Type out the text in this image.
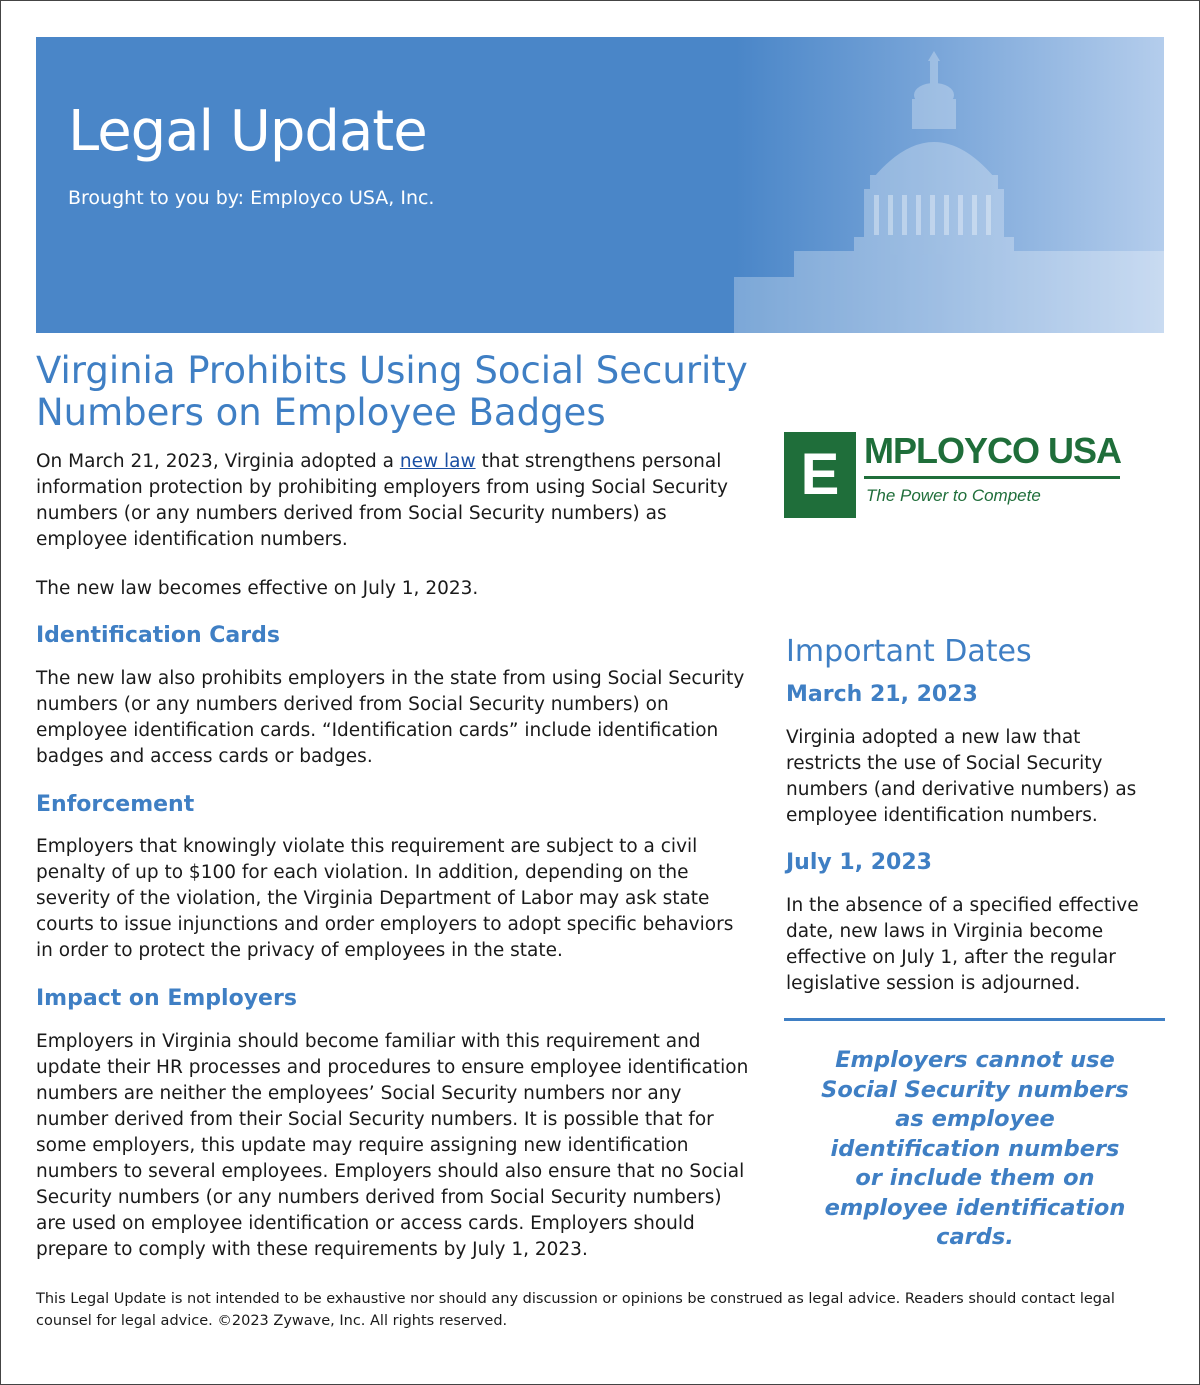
Legal Update
Brought to you by: Employco USA, Inc.
Virginia Prohibits Using Social Security Numbers on Employee Badges

On March 21, 2023, Virginia adopted a new law that strengthens personal information protection by prohibiting employers from using Social Security numbers (or any numbers derived from Social Security numbers) as employee identification numbers.

The new law becomes effective on July 1, 2023.

Identification Cards

The new law also prohibits employers in the state from using Social Security numbers (or any numbers derived from Social Security numbers) on employee identification cards. “Identification cards” include identification badges and access cards or badges.

Enforcement

Employers that knowingly violate this requirement are subject to a civil penalty of up to $100 for each violation. In addition, depending on the severity of the violation, the Virginia Department of Labor may ask state courts to issue injunctions and order employers to adopt specific behaviors in order to protect the privacy of employees in the state.

Impact on Employers

Employers in Virginia should become familiar with this requirement and update their HR processes and procedures to ensure employee identification numbers are neither the employees’ Social Security numbers nor any number derived from their Social Security numbers. It is possible that for some employers, this update may require assigning new identification numbers to several employees. Employers should also ensure that no Social Security numbers (or any numbers derived from Social Security numbers) are used on employee identification or access cards. Employers should prepare to comply with these requirements by July 1, 2023.

E MPLOYCO USA
The Power to Compete
Important Dates
March 21, 2023
Virginia adopted a new law that restricts the use of Social Security numbers (and derivative numbers) as employee identification numbers.
July 1, 2023
In the absence of a specified effective date, new laws in Virginia become effective on July 1, after the regular legislative session is adjourned.
Employers cannot use Social Security numbers as employee identification numbers or include them on employee identification cards.
This Legal Update is not intended to be exhaustive nor should any discussion or opinions be construed as legal advice. Readers should contact legal counsel for legal advice. ©2023 Zywave, Inc. All rights reserved.
